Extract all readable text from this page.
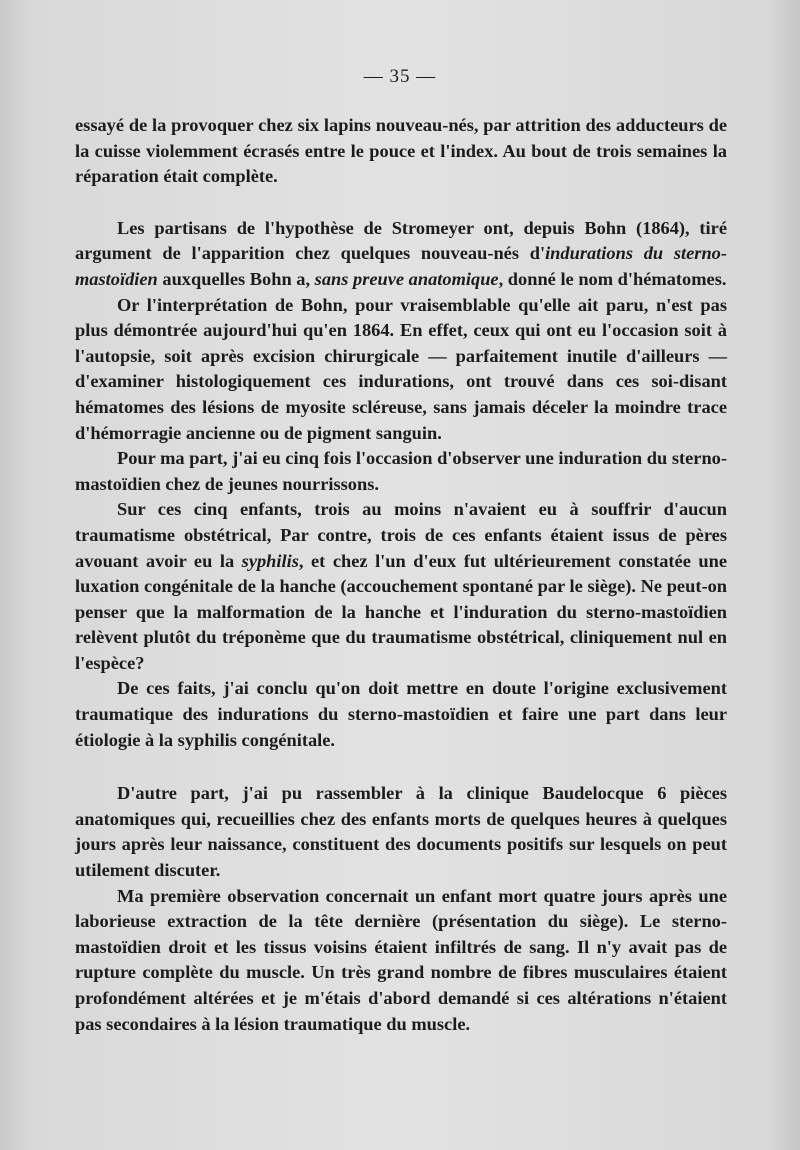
— 35 —

essayé de la provoquer chez six lapins nouveau-nés, par attrition des adducteurs de la cuisse violemment écrasés entre le pouce et l'index. Au bout de trois semaines la réparation était complète.

Les partisans de l'hypothèse de Stromeyer ont, depuis Bohn (1864), tiré argument de l'apparition chez quelques nouveau-nés d'indurations du sterno-mastoïdien auxquelles Bohn a, sans preuve anatomique, donné le nom d'hématomes.

Or l'interprétation de Bohn, pour vraisemblable qu'elle ait paru, n'est pas plus démontrée aujourd'hui qu'en 1864. En effet, ceux qui ont eu l'occasion soit à l'autopsie, soit après excision chirurgicale — parfaitement inutile d'ailleurs — d'examiner histologiquement ces indurations, ont trouvé dans ces soi-disant hématomes des lésions de myosite scléreuse, sans jamais déceler la moindre trace d'hémorragie ancienne ou de pigment sanguin.

Pour ma part, j'ai eu cinq fois l'occasion d'observer une induration du sterno-mastoïdien chez de jeunes nourrissons.

Sur ces cinq enfants, trois au moins n'avaient eu à souffrir d'aucun traumatisme obstétrical, Par contre, trois de ces enfants étaient issus de pères avouant avoir eu la syphilis, et chez l'un d'eux fut ultérieurement constatée une luxation congénitale de la hanche (accouchement spontané par le siège). Ne peut-on penser que la malformation de la hanche et l'induration du sterno-mastoïdien relèvent plutôt du tréponème que du traumatisme obstétrical, cliniquement nul en l'espèce?

De ces faits, j'ai conclu qu'on doit mettre en doute l'origine exclusivement traumatique des indurations du sterno-mastoïdien et faire une part dans leur étiologie à la syphilis congénitale.

D'autre part, j'ai pu rassembler à la clinique Baudelocque 6 pièces anatomiques qui, recueillies chez des enfants morts de quelques heures à quelques jours après leur naissance, constituent des documents positifs sur lesquels on peut utilement discuter.

Ma première observation concernait un enfant mort quatre jours après une laborieuse extraction de la tête dernière (présentation du siège). Le sterno-mastoïdien droit et les tissus voisins étaient infiltrés de sang. Il n'y avait pas de rupture complète du muscle. Un très grand nombre de fibres musculaires étaient profondément altérées et je m'étais d'abord demandé si ces altérations n'étaient pas secondaires à la lésion traumatique du muscle.
